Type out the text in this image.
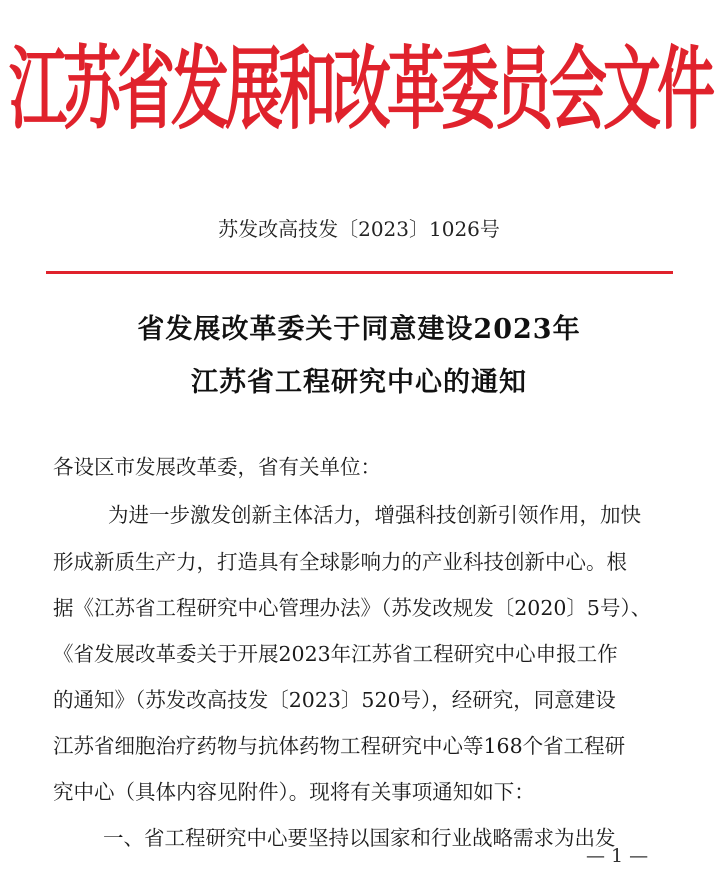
江苏省发展和改革委员会文件
苏发改高技发〔2023〕1026号
省发展改革委关于同意建设2023年
江苏省工程研究中心的通知
各设区市发展改革委，省有关单位：
为进一步激发创新主体活力，增强科技创新引领作用，加快
形成新质生产力，打造具有全球影响力的产业科技创新中心。根
据《江苏省工程研究中心管理办法》（苏发改规发〔2020〕5号）、
《省发展改革委关于开展2023年江苏省工程研究中心申报工作
的通知》（苏发改高技发〔2023〕520号），经研究，同意建设
江苏省细胞治疗药物与抗体药物工程研究中心等168个省工程研
究中心（具体内容见附件）。现将有关事项通知如下：
一、省工程研究中心要坚持以国家和行业战略需求为出发
— 1 —
